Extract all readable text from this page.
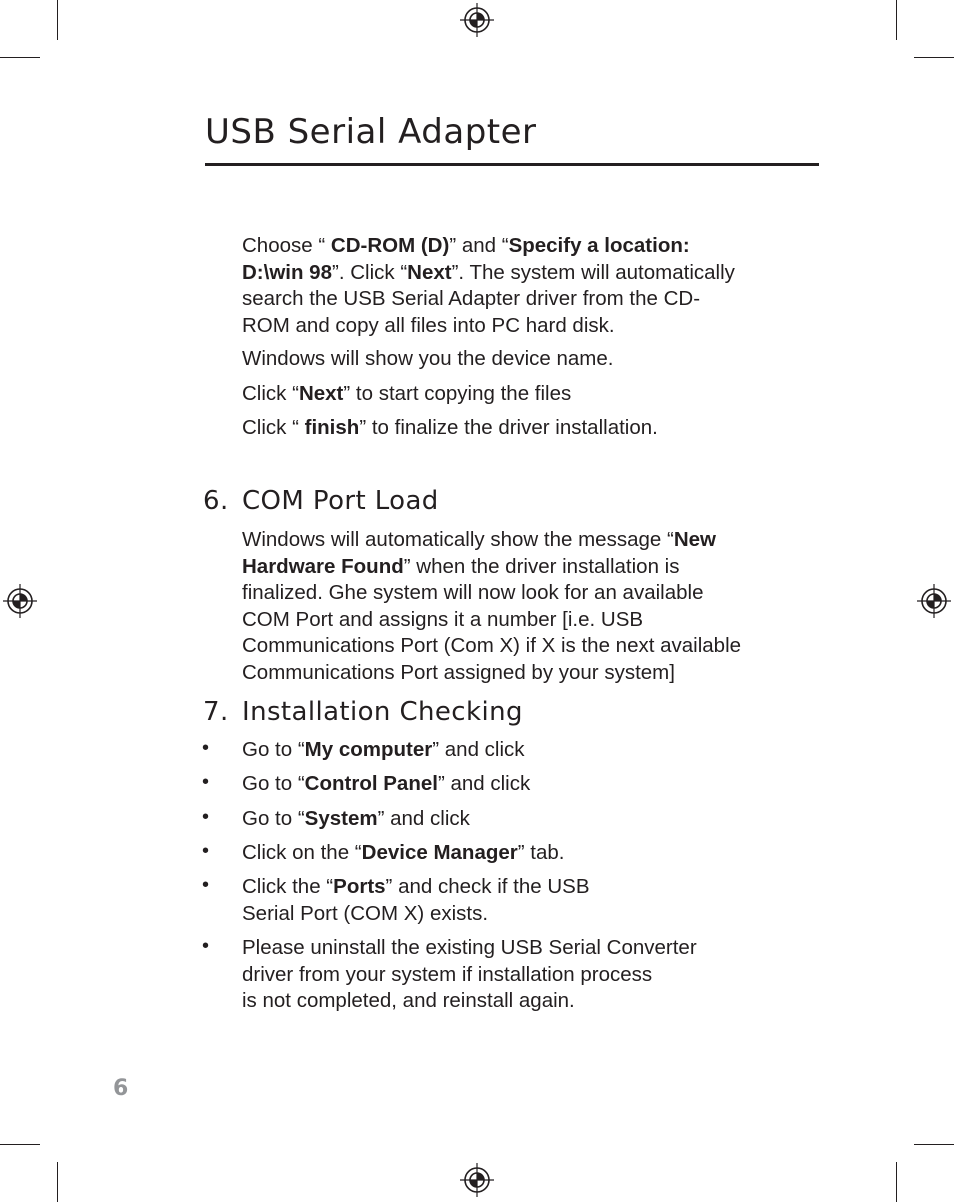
USB Serial Adapter

Choose “ CD-ROM (D)” and “Specify a location:
D:\win 98”. Click “Next”. The system will automatically
search the USB Serial Adapter driver from the CD-
ROM and copy all files into PC hard disk.

Windows will show you the device name.

Click “Next” to start copying the files

Click “ finish” to finalize the driver installation.

6. COM Port Load

Windows will automatically show the message “New
Hardware Found” when the driver installation is
finalized. Ghe system will now look for an available
COM Port and assigns it a number [i.e. USB
Communications Port (Com X) if X is the next available
Communications Port assigned by your system]

7. Installation Checking
• Go to “My computer” and click

• Go to “Control Panel” and click

• Go to “System” and click

• Click on the “Device Manager” tab.

• Click the “Ports” and check if the USB
Serial Port (COM X) exists.

• Please uninstall the existing USB Serial Converter
driver from your system if installation process
is not completed, and reinstall again.

6
